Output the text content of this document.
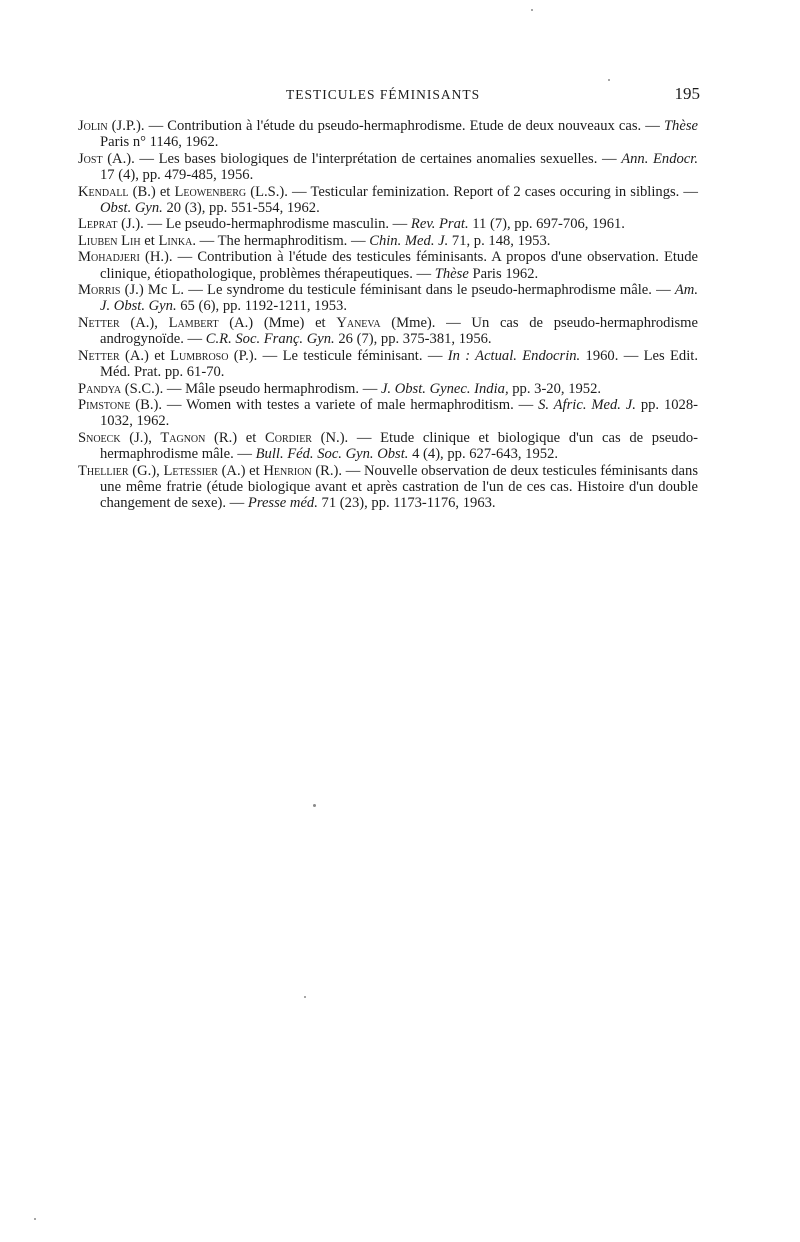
TESTICULES FÉMINISANTS	195

Jolin (J.P.). — Contribution à l'étude du pseudo-hermaphrodisme. Etude de deux nouveaux cas. — Thèse Paris n° 1146, 1962.

Jost (A.). — Les bases biologiques de l'interprétation de certaines anomalies sexuelles. — Ann. Endocr. 17 (4), pp. 479-485, 1956.

Kendall (B.) et Leowenberg (L.S.). — Testicular feminization. Report of 2 cases occuring in siblings. — Obst. Gyn. 20 (3), pp. 551-554, 1962.

Leprat (J.). — Le pseudo-hermaphrodisme masculin. — Rev. Prat. 11 (7), pp. 697-706, 1961.

Liuben Lih et Linka. — The hermaphroditism. — Chin. Med. J. 71, p. 148, 1953.

Mohadjeri (H.). — Contribution à l'étude des testicules féminisants. A propos d'une observation. Etude clinique, étiopathologique, problèmes thérapeutiques. — Thèse Paris 1962.

Morris (J.) Mc L. — Le syndrome du testicule féminisant dans le pseudo-hermaphrodisme mâle. — Am. J. Obst. Gyn. 65 (6), pp. 1192-1211, 1953.

Netter (A.), Lambert (A.) (Mme) et Yaneva (Mme). — Un cas de pseudo-hermaphrodisme androgynoïde. — C.R. Soc. Franç. Gyn. 26 (7), pp. 375-381, 1956.

Netter (A.) et Lumbroso (P.). — Le testicule féminisant. — In : Actual. Endocrin. 1960. — Les Edit. Méd. Prat. pp. 61-70.

Pandya (S.C.). — Mâle pseudo hermaphrodism. — J. Obst. Gynec. India, pp. 3-20, 1952.

Pimstone (B.). — Women with testes a variete of male hermaphroditism. — S. Afric. Med. J. pp. 1028-1032, 1962.

Snoeck (J.), Tagnon (R.) et Cordier (N.). — Etude clinique et biologique d'un cas de pseudo-hermaphrodisme mâle. — Bull. Féd. Soc. Gyn. Obst. 4 (4), pp. 627-643, 1952.

Thellier (G.), Letessier (A.) et Henrion (R.). — Nouvelle observation de deux testicules féminisants dans une même fratrie (étude biologique avant et après castration de l'un de ces cas. Histoire d'un double changement de sexe). — Presse méd. 71 (23), pp. 1173-1176, 1963.
